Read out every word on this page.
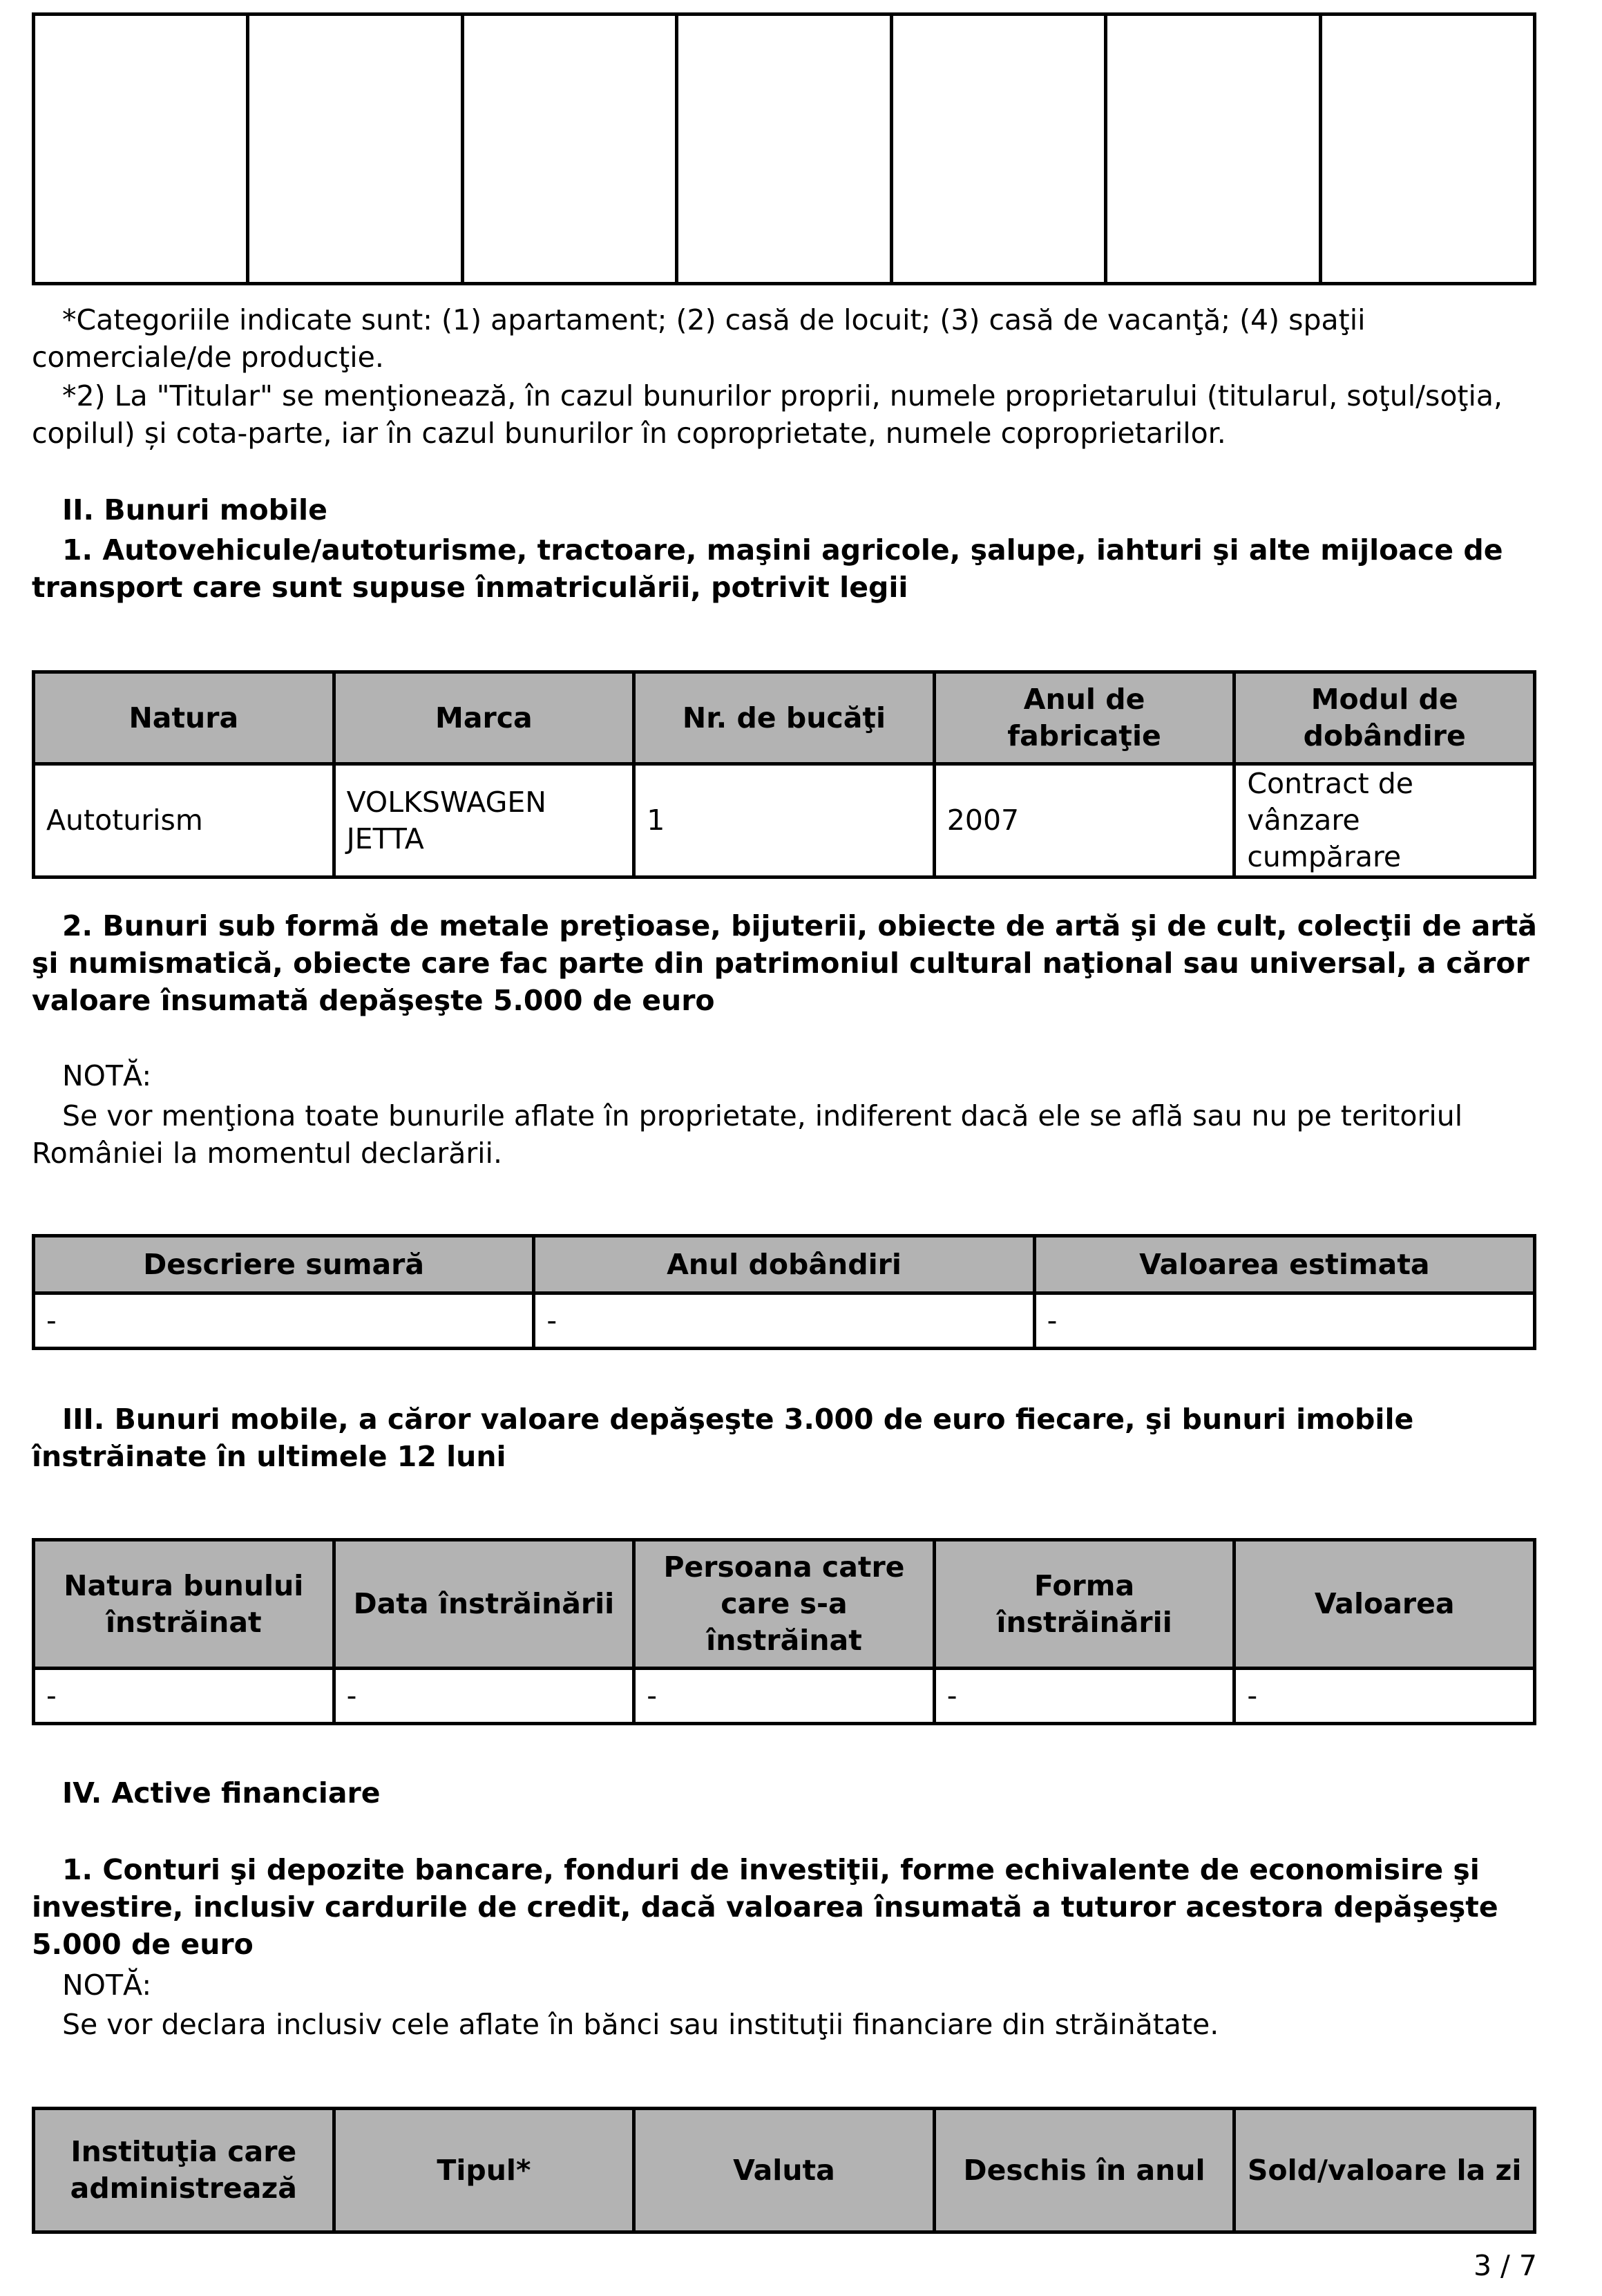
*Categoriile indicate sunt: (1) apartament; (2) casă de locuit; (3) casă de vacanţă; (4) spaţii comerciale/de producţie.

*2) La "Titular" se menţionează, în cazul bunurilor proprii, numele proprietarului (titularul, soţul/soţia, copilul) și cota-parte, iar în cazul bunurilor în coproprietate, numele coproprietarilor.

II. Bunuri mobile

1. Autovehicule/autoturisme, tractoare, maşini agricole, şalupe, iahturi şi alte mijloace de transport care sunt supuse înmatriculării, potrivit legii

Natura	Marca	Nr. de bucăţi	Anul de fabricaţie	Modul de dobândire
Autoturism	VOLKSWAGEN JETTA	1	2007	Contract de vânzare cumpărare

2. Bunuri sub formă de metale preţioase, bijuterii, obiecte de artă şi de cult, colecţii de artă şi numismatică, obiecte care fac parte din patrimoniul cultural naţional sau universal, a căror valoare însumată depăşeşte 5.000 de euro

NOTĂ:

Se vor menţiona toate bunurile aflate în proprietate, indiferent dacă ele se află sau nu pe teritoriul României la momentul declarării.

Descriere sumară	Anul dobândiri	Valoarea estimata
-	-	-

III. Bunuri mobile, a căror valoare depăşeşte 3.000 de euro fiecare, şi bunuri imobile înstrăinate în ultimele 12 luni

Natura bunului înstrăinat	Data înstrăinării	Persoana catre care s-a înstrăinat	Forma înstrăinării	Valoarea
-	-	-	-	-

IV. Active financiare

1. Conturi şi depozite bancare, fonduri de investiţii, forme echivalente de economisire şi investire, inclusiv cardurile de credit, dacă valoarea însumată a tuturor acestora depăşeşte 5.000 de euro

NOTĂ:

Se vor declara inclusiv cele aflate în bănci sau instituţii financiare din străinătate.

Instituţia care administrează	Tipul*	Valuta	Deschis în anul	Sold/valoare la zi
3 / 7
